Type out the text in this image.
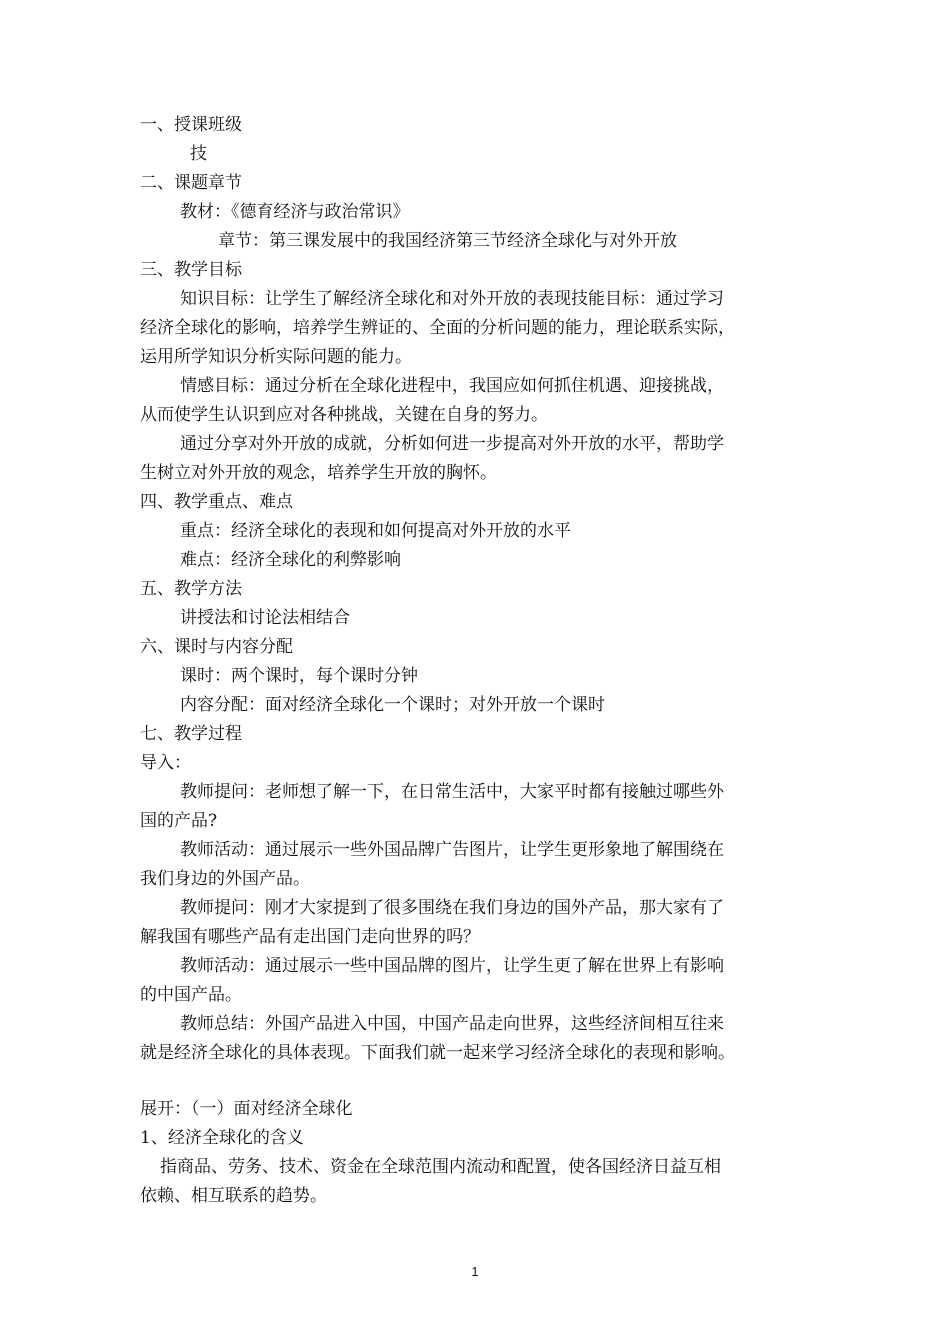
一、授课班级
技
二、课题章节
教材：《德育经济与政治常识》
章节：第三课发展中的我国经济第三节经济全球化与对外开放
三、教学目标
知识目标：让学生了解经济全球化和对外开放的表现技能目标：通过学习
经济全球化的影响，培养学生辨证的、全面的分析问题的能力，理论联系实际，
运用所学知识分析实际问题的能力。
情感目标：通过分析在全球化进程中，我国应如何抓住机遇、迎接挑战，
从而使学生认识到应对各种挑战，关键在自身的努力。
通过分享对外开放的成就，分析如何进一步提高对外开放的水平，帮助学
生树立对外开放的观念，培养学生开放的胸怀。
四、教学重点、难点
重点：经济全球化的表现和如何提高对外开放的水平
难点：经济全球化的利弊影响
五、教学方法
讲授法和讨论法相结合
六、课时与内容分配
课时：两个课时，每个课时分钟
内容分配：面对经济全球化一个课时；对外开放一个课时
七、教学过程
导入：
教师提问：老师想了解一下，在日常生活中，大家平时都有接触过哪些外
国的产品?
教师活动：通过展示一些外国品牌广告图片，让学生更形象地了解围绕在
我们身边的外国产品。
教师提问：刚才大家提到了很多围绕在我们身边的国外产品，那大家有了
解我国有哪些产品有走出国门走向世界的吗？
教师活动：通过展示一些中国品牌的图片，让学生更了解在世界上有影响
的中国产品。
教师总结：外国产品进入中国，中国产品走向世界，这些经济间相互往来
就是经济全球化的具体表现。下面我们就一起来学习经济全球化的表现和影响。
展开：（一）面对经济全球化
1、经济全球化的含义
指商品、劳务、技术、资金在全球范围内流动和配置，使各国经济日益互相
依赖、相互联系的趋势。
1
